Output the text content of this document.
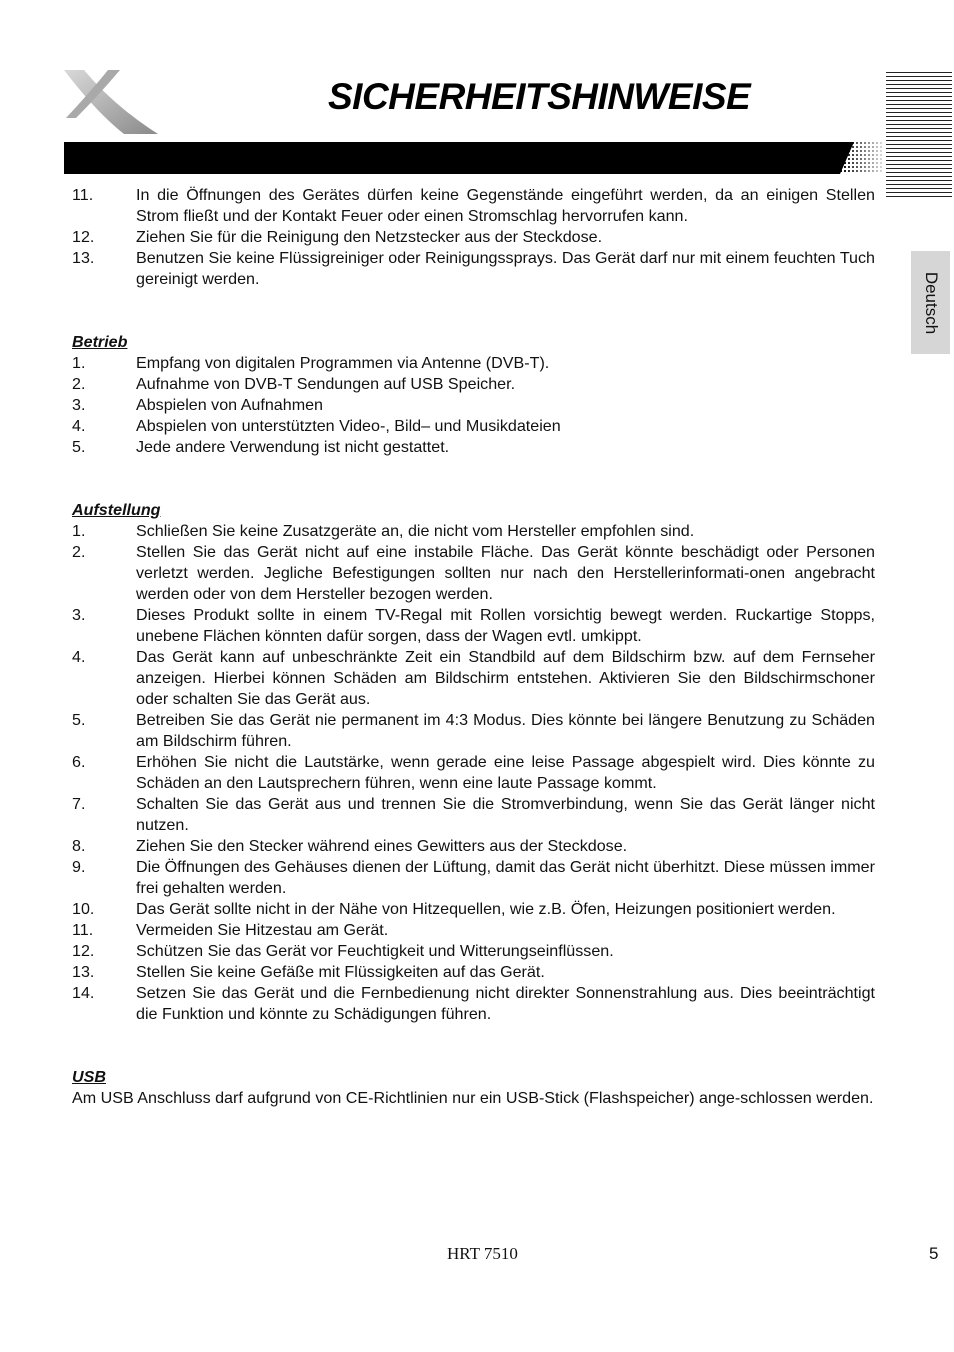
SICHERHEITSHINWEISE
Deutsch
11.	In die Öffnungen des Gerätes dürfen keine Gegenstände eingeführt werden, da an einigen Stellen Strom fließt und der Kontakt Feuer oder einen Stromschlag hervorrufen kann.
12.	Ziehen Sie für die Reinigung den Netzstecker aus der Steckdose.
13.	Benutzen Sie keine Flüssigreiniger oder Reinigungssprays. Das Gerät darf nur mit einem feuchten Tuch gereinigt werden.
Betrieb
1.	Empfang von digitalen Programmen via Antenne (DVB-T).
2.	Aufnahme von DVB-T Sendungen auf USB Speicher.
3.	Abspielen von Aufnahmen
4.	Abspielen von unterstützten Video-, Bild– und Musikdateien
5.	Jede andere Verwendung ist nicht gestattet.
Aufstellung
1.	Schließen Sie keine Zusatzgeräte an, die nicht vom Hersteller empfohlen sind.
2.	Stellen Sie das Gerät nicht auf eine instabile Fläche. Das Gerät könnte beschädigt oder Personen verletzt werden. Jegliche Befestigungen sollten nur nach den Herstellerinformati-onen angebracht werden oder von dem Hersteller bezogen werden.
3.	Dieses Produkt sollte in einem TV-Regal mit Rollen vorsichtig bewegt werden. Ruckartige Stopps, unebene Flächen könnten dafür sorgen, dass der Wagen evtl. umkippt.
4.	Das Gerät kann auf unbeschränkte Zeit ein Standbild auf dem Bildschirm bzw. auf dem Fernseher anzeigen. Hierbei können Schäden am Bildschirm entstehen. Aktivieren Sie den Bildschirmschoner oder schalten Sie das Gerät aus.
5.	Betreiben Sie das Gerät nie permanent im 4:3 Modus. Dies könnte bei längere Benutzung zu Schäden am Bildschirm führen.
6.	Erhöhen Sie nicht die Lautstärke, wenn gerade eine leise Passage abgespielt wird. Dies könnte zu Schäden an den Lautsprechern führen, wenn eine laute Passage kommt.
7.	Schalten Sie das Gerät aus und trennen Sie die Stromverbindung, wenn Sie das Gerät länger nicht nutzen.
8.	Ziehen Sie den Stecker während eines Gewitters aus der Steckdose.
9.	Die Öffnungen des Gehäuses dienen der Lüftung, damit das Gerät nicht überhitzt. Diese müssen immer frei gehalten werden.
10.	Das Gerät sollte nicht in der Nähe von Hitzequellen, wie z.B. Öfen, Heizungen positioniert werden.
11.	Vermeiden Sie Hitzestau am Gerät.
12.	Schützen Sie das Gerät vor Feuchtigkeit und Witterungseinflüssen.
13.	Stellen Sie keine Gefäße mit Flüssigkeiten auf das Gerät.
14.	Setzen Sie das Gerät und die Fernbedienung nicht direkter Sonnenstrahlung aus. Dies beeinträchtigt die Funktion und könnte zu Schädigungen führen.
USB
Am USB Anschluss darf aufgrund von CE-Richtlinien nur ein USB-Stick (Flashspeicher) ange-schlossen werden.
HRT 7510	5
